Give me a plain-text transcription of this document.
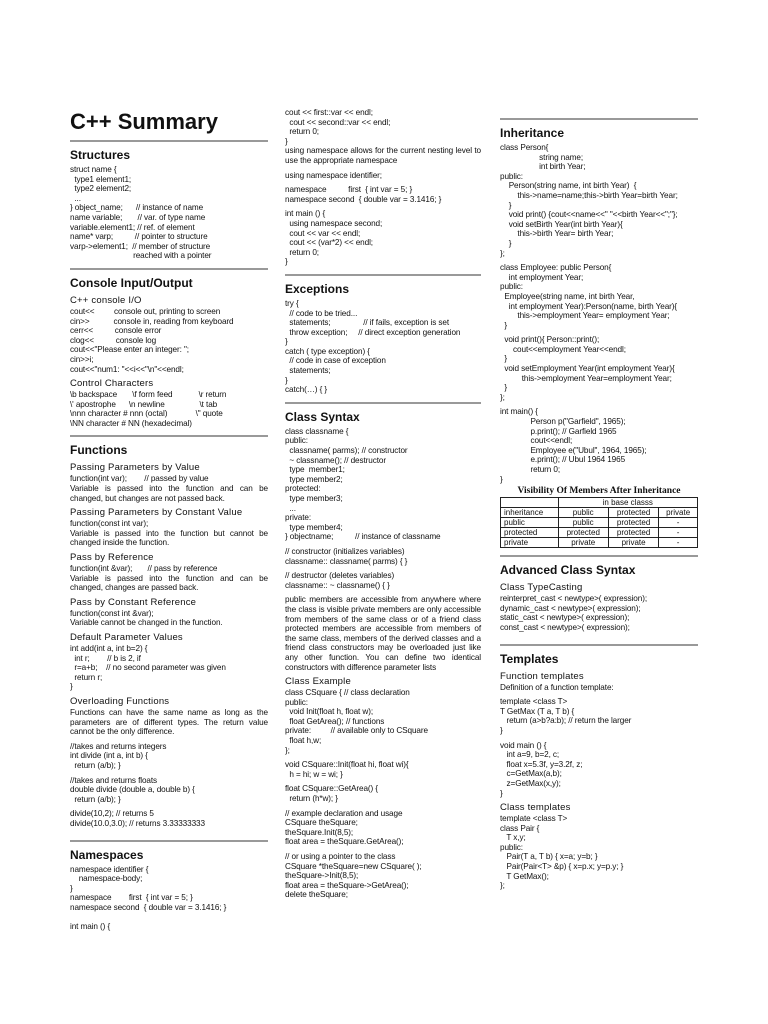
C++ Summary
Structures
struct name {
type1 element1;
type2 element2;
...
} object_name;      // instance of name
name variable;       // var. of type name
variable.element1; // ref. of element
name* varp;          // pointer to structure
varp->element1;  // member of structure
reached with a pointer
Console Input/Output
C++ console I/O
cout<<         console out, printing to screen
cin>>           console in, reading from keyboard
cerr<<          console error
clog<<          console log
cout<<"Please enter an integer: ";
cin>>i;
cout<<"num1: "<<i<<"\n"<<endl;
Control Characters
\b backspace       \f form feed            \r return
\' apostrophe      \n newline                \t tab
\nnn character # nnn (octal)             \" quote
\NN character # NN (hexadecimal)
Functions
Passing Parameters by Value
function(int var);        // passed by value

Variable is passed into the function and can be changed, but changes are not passed back.

Passing Parameters by Constant Value
function(const int var);

Variable is passed into the function but cannot be changed inside the function.

Pass by Reference
function(int &var);       // pass by reference

Variable is passed into the function and can be changed, changes are passed back.

Pass by Constant Reference
function(const int &var);

Variable cannot be changed in the function.

Default Parameter Values
int add(int a, int b=2) {
int r;        // b is 2, if
r=a+b;    // no second parameter was given
return r;
}
Overloading Functions

Functions can have the same name as long as the parameters are of different types. The return value cannot be the only difference.

//takes and returns integers
int divide (int a, int b) {
return (a/b); }
//takes and returns floats
double divide (double a, double b) {
return (a/b); }
divide(10,2); // returns 5
divide(10.0,3.0); // returns 3.33333333
Namespaces
namespace identifier {
namespace-body;
}
namespace        first  { int var = 5; }
namespace second  { double var = 3.1416; }

int main () {
cout << first::var << endl;
cout << second::var << endl;
return 0;
}

using namespace allows for the current nesting level to use the appropriate namespace

using namespace identifier;

namespace          first  { int var = 5; }
namespace second  { double var = 3.1416; }
int main () {
using namespace second;
cout << var << endl;
cout << (var*2) << endl;
return 0;
}
Exceptions
try {
// code to be tried...
statements;               // if fails, exception is set
throw exception;     // direct exception generation
}
catch ( type exception) {
// code in case of exception
statements;
}
catch(…) { }
Class Syntax
class classname {
public:
classname( parms); // constructor
~ classname(); // destructor
type  member1;
type member2;
protected:
type member3;
...
private:
type member4;
} objectname;          // instance of classname
// constructor (initializes variables)
classname:: classname( parms) { }
// destructor (deletes variables)
classname:: ~ classname() { }

public members are accessible from anywhere where the class is visible private members are only accessible from members of the same class or of a friend class protected members are accessible from members of the same class, members of the derived classes and a friend class constructors may be overloaded just like any other function. You can define two identical constructors with difference parameter lists

Class Example
class CSquare { // class declaration
public:
void Init(float h, float w);
float GetArea(); // functions
private:         // available only to CSquare
float h,w;
};
void CSquare::Init(float hi, float wi){
h = hi; w = wi; }
float CSquare::GetArea() {
return (h*w); }
// example declaration and usage
CSquare theSquare;
theSquare.Init(8,5);
float area = theSquare.GetArea();
// or using a pointer to the class
CSquare *theSquare=new CSquare( );
theSquare->Init(8,5);
float area = theSquare->GetArea();
delete theSquare;
Inheritance
class Person{
string name;
int birth Year;
public:
Person(string name, int birth Year)  {
this->name=name;this->birth Year=birth Year;
}
void print() {cout<<name<<" "<<birth Year<<";"};
void setBirth Year(int birth Year){
this->birth Year= birth Year;
}
};
class Employee: public Person{
int employment Year;
public:
Employee(string name, int birth Year,
int employment Year):Person(name, birth Year){
this->employment Year= employment Year;
}
void print(){ Person::print();
cout<<employment Year<<endl;
}
void setEmployment Year(int employment Year){
this->employment Year=employment Year;
}
};
int main() {
Person p("Garfield", 1965);
p.print(); // Garfield 1965
cout<<endl;
Employee e("Ubul", 1964, 1965);
e.print(); // Ubul 1964 1965
return 0;
}
Visibility Of Members After Inheritance
	in base classs		
inheritance	public	protected	private
public	public	protected	-
protected	protected	protected	-
private	private	private	-
Advanced Class Syntax
Class TypeCasting
reinterpret_cast < newtype>( expression);
dynamic_cast < newtype>( expression);
static_cast < newtype>( expression);
const_cast < newtype>( expression);
Templates
Function templates

Definition of a function template:

template <class T>
T GetMax (T a, T b) {
return (a>b?a:b); // return the larger
}
void main () {
int a=9, b=2, c;
float x=5.3f, y=3.2f, z;
c=GetMax(a,b);
z=GetMax(x,y);
}
Class templates
template <class T>
class Pair {
T x,y;
public:
Pair(T a, T b) { x=a; y=b; }
Pair(Pair<T> &p) { x=p.x; y=p.y; }
T GetMax();
};
